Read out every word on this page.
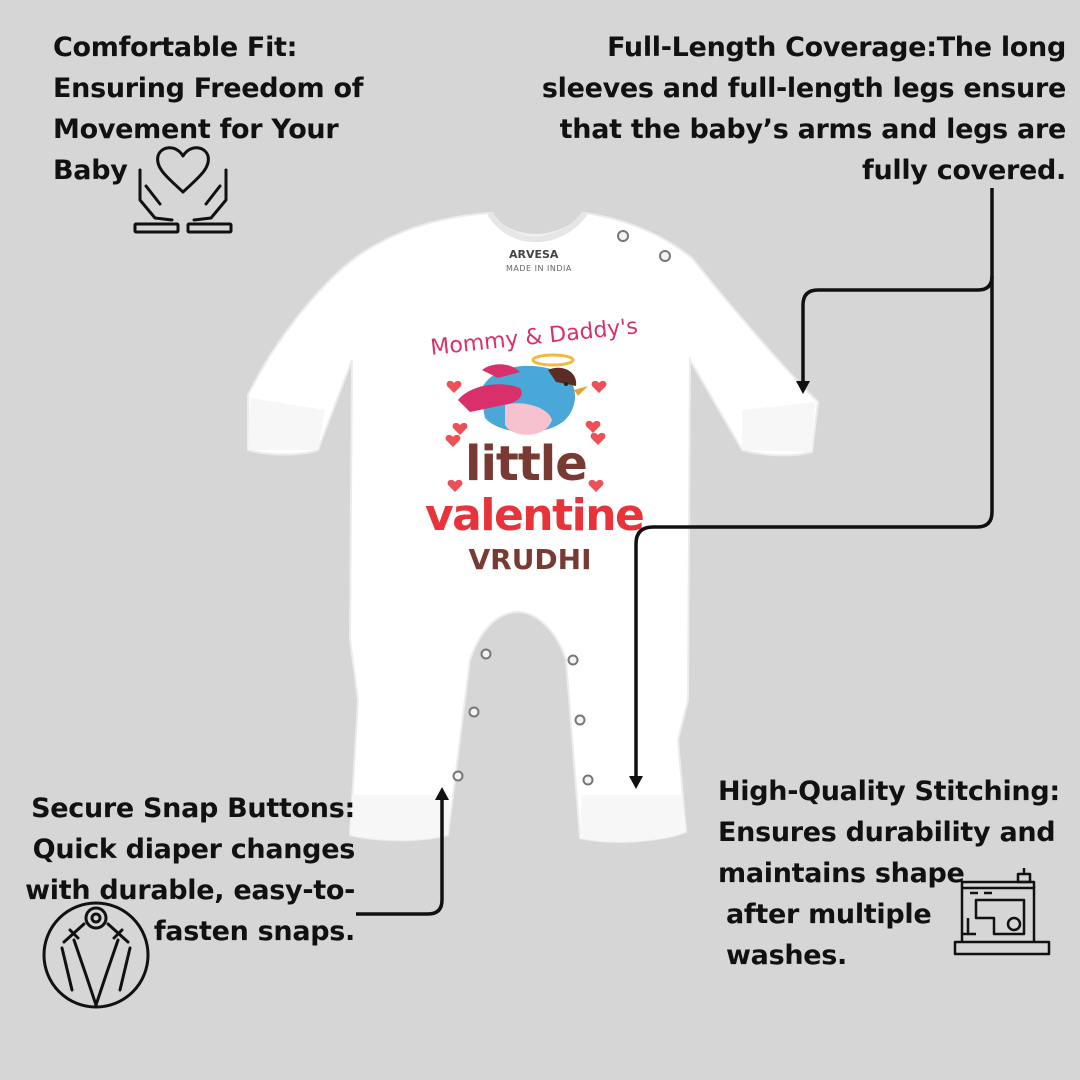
ARVESA
MADE IN INDIA
Mommy & Daddy's
little
valentine
VRUDHI
Comfortable Fit:
Ensuring Freedom of
Movement for Your
Baby
Full-Length Coverage:The long
sleeves and full-length legs ensure
that the baby’s arms and legs are
fully covered.
Secure Snap Buttons:
Quick diaper changes
with durable, easy-to-
fasten snaps.
High-Quality Stitching:
Ensures durability and
maintains shape
after multiple
washes.
